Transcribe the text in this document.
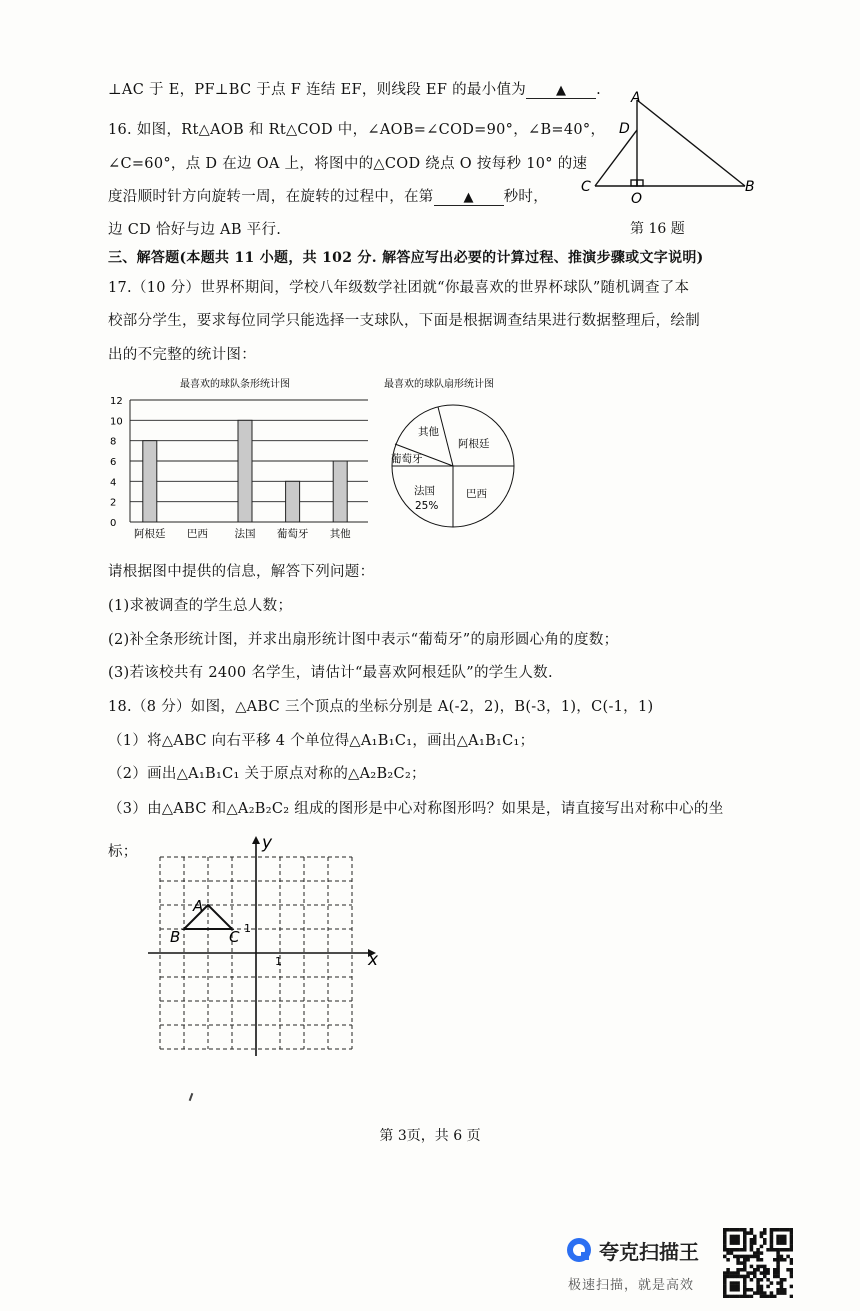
⊥AC 于 E，PF⊥BC 于点 F 连结 EF，则线段 EF 的最小值为 ▲ .
16. 如图，Rt△AOB 和 Rt△COD 中，∠AOB=∠COD=90°，∠B=40°，
∠C=60°，点 D 在边 OA 上，将图中的△COD 绕点 O 按每秒 10° 的速
度沿顺时针方向旋转一周，在旋转的过程中，在第 ▲ 秒时，
边 CD 恰好与边 AB 平行.
A
D
C
O
B
第 16 题
三、解答题(本题共 11 小题，共 102 分. 解答应写出必要的计算过程、推演步骤或文字说明)
17.（10 分）世界杯期间，学校八年级数学社团就“你最喜欢的世界杯球队”随机调查了本
校部分学生，要求每位同学只能选择一支球队，下面是根据调查结果进行数据整理后，绘制
出的不完整的统计图：
最喜欢的球队条形统计图
0
2
4
6
8
10
12
阿根廷 巴西	法国 葡萄牙 其他
最喜欢的球队扇形统计图
其他
阿根廷
巴西
法国
25%
葡萄牙
请根据图中提供的信息，解答下列问题：
(1)求被调查的学生总人数；
(2)补全条形统计图，并求出扇形统计图中表示“葡萄牙”的扇形圆心角的度数；
(3)若该校共有 2400 名学生，请估计“最喜欢阿根廷队”的学生人数.
18.（8 分）如图，△ABC 三个顶点的坐标分别是 A(-2，2)，B(-3，1)，C(-1，1)
（1）将△ABC 向右平移 4 个单位得△A₁B₁C₁，画出△A₁B₁C₁；
（2）画出△A₁B₁C₁ 关于原点对称的△A₂B₂C₂；
（3）由△ABC 和△A₂B₂C₂ 组成的图形是中心对称图形吗？如果是，请直接写出对称中心的坐
标；	y
x
A
B	C 1
1
第 3页，共 6 页
夸克扫描王
极速扫描，就是高效
